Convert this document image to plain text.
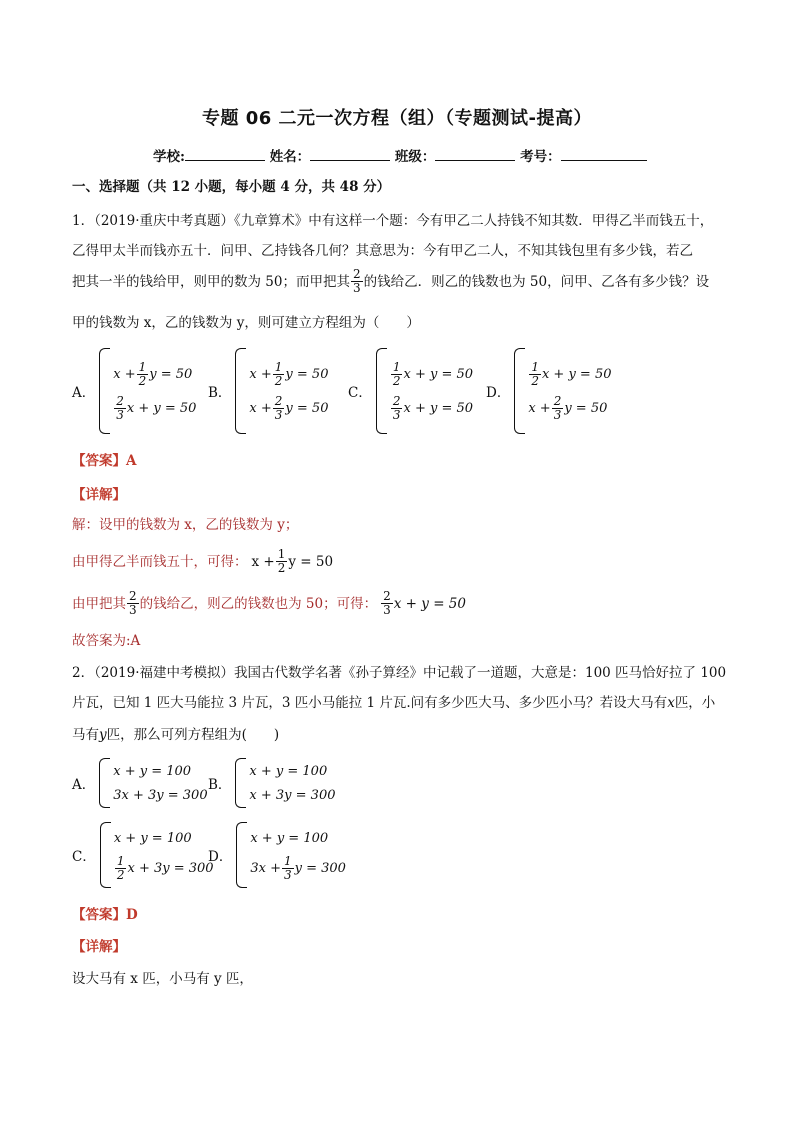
专题 06 二元一次方程（组）（专题测试-提高）
学校:	姓名：	班级：	考号：
一、选择题（共 12 小题，每小题 4 分，共 48 分）
1．（2019·重庆中考真题）《九章算术》中有这样一个题：今有甲乙二人持钱不知其数．甲得乙半而钱五十，
乙得甲太半而钱亦五十．问甲、乙持钱各几何？其意思为：今有甲乙二人，不知其钱包里有多少钱，若乙
把其一半的钱给甲，则甲的数为 50；而甲把其 $\frac{2}{3}$ 的钱给乙．则乙的钱数也为 50，问甲、乙各有多少钱？设
甲的钱数为 x，乙的钱数为 y，则可建立方程组为（　　）
A．
$x + \frac{1}{2}$ y = 50
$\frac{2}{3}$ x + y = 50
B．
$x + \frac{1}{2}$ y = 50
$x + \frac{2}{3}$ y = 50
C．
$\frac{1}{2}$ x + y = 50
$\frac{2}{3}$ x + y = 50
D．
$\frac{1}{2}$ x + y = 50
$x + \frac{2}{3}$ y = 50
【答案】A
【详解】
解：设甲的钱数为 x，乙的钱数为 y；
由甲得乙半而钱五十，可得： $x + \frac{1}{2}$ y = 50
由甲把其 $\frac{2}{3}$ 的钱给乙，则乙的钱数也为 50；可得： $\frac{2}{3}$ x + y = 50
故答案为:A
2．（2019·福建中考模拟）我国古代数学名著《孙子算经》中记载了一道题，大意是：100 匹马恰好拉了 100
片瓦，已知 1 匹大马能拉 3 片瓦，3 匹小马能拉 1 片瓦.问有多少匹大马、多少匹小马？若设大马有x匹，小
马有y匹，那么可列方程组为(　　)
A．
x + y = 100
3x + 3y = 300
B．
x + y = 100
x + 3y = 300
C．
x + y = 100
$\frac{1}{2}$ x + 3y = 300
D．
x + y = 100
$3x + \frac{1}{3}$ y = 300
【答案】D
【详解】
设大马有 x 匹，小马有 y 匹，
